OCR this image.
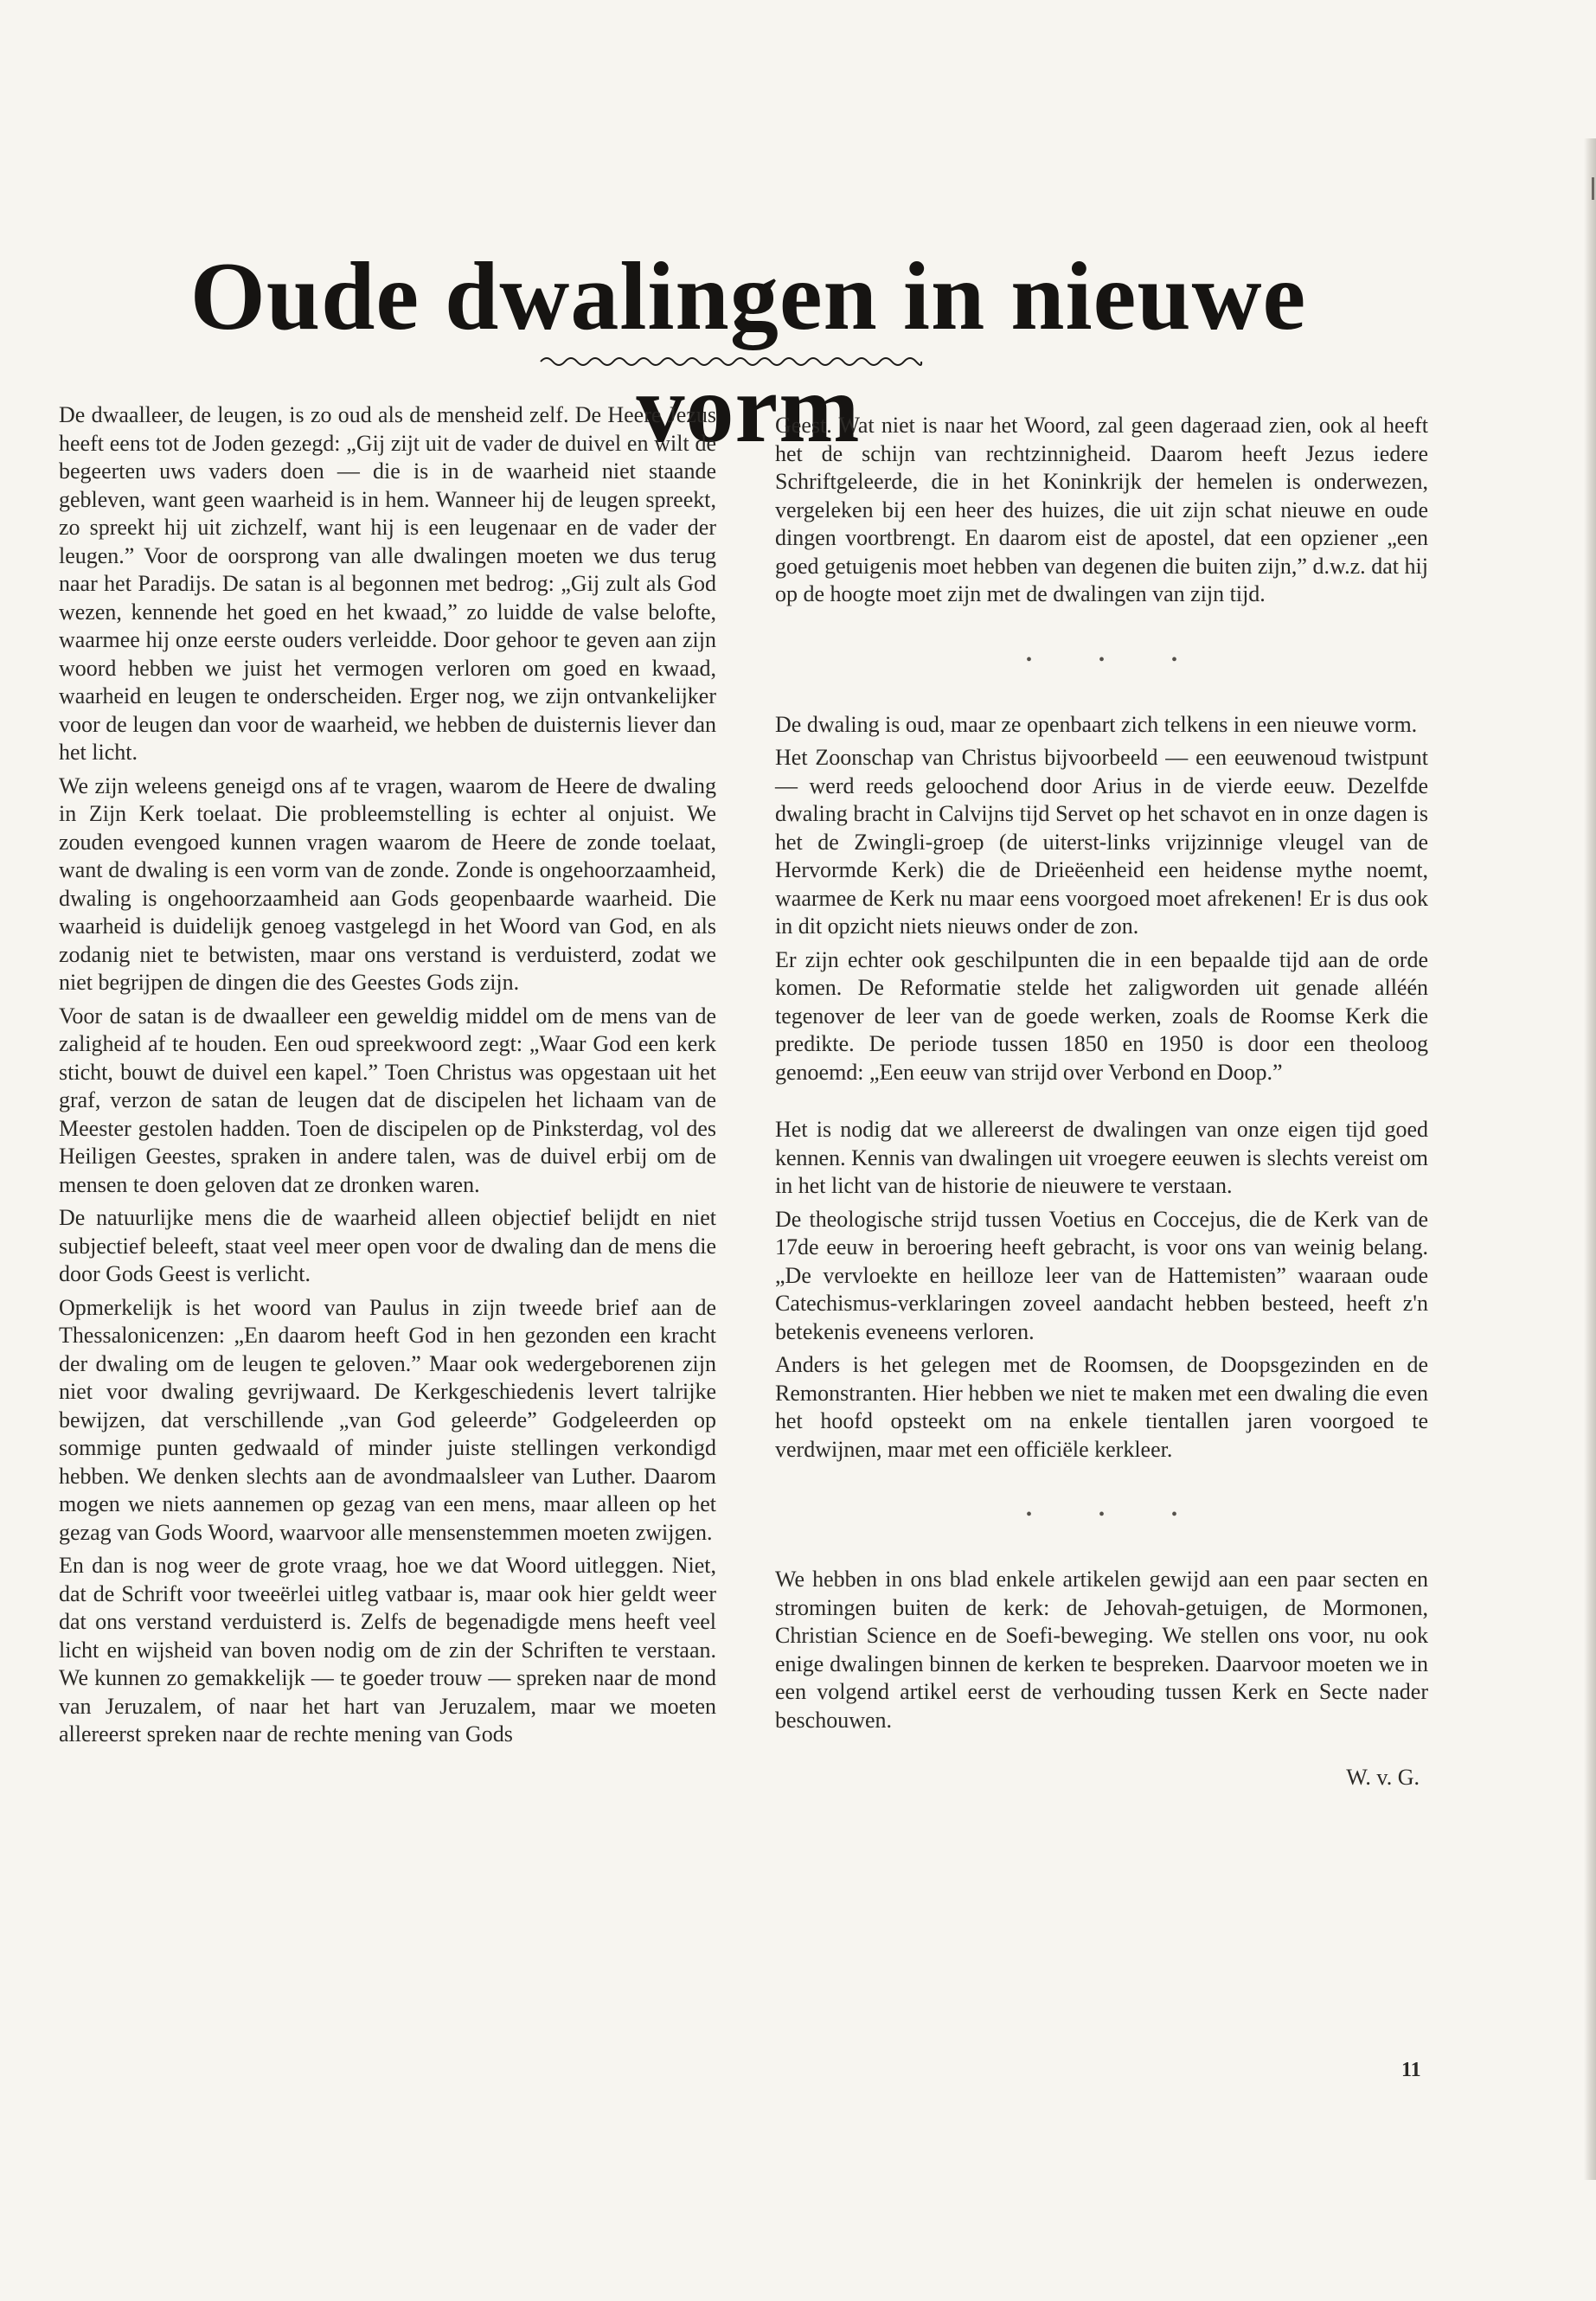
Oude dwalingen in nieuwe vorm

De dwaalleer, de leugen, is zo oud als de mensheid zelf. De Heere Jezus heeft eens tot de Joden gezegd: „Gij zijt uit de vader de duivel en wilt de begeerten uws vaders doen — die is in de waarheid niet staande gebleven, want geen waarheid is in hem. Wanneer hij de leugen spreekt, zo spreekt hij uit zichzelf, want hij is een leugenaar en de vader der leugen.” Voor de oorsprong van alle dwalingen moeten we dus terug naar het Paradijs. De satan is al begonnen met bedrog: „Gij zult als God wezen, kennende het goed en het kwaad,” zo luidde de valse belofte, waarmee hij onze eerste ouders verleidde. Door gehoor te geven aan zijn woord hebben we juist het vermogen verloren om goed en kwaad, waarheid en leugen te onderscheiden. Erger nog, we zijn ontvankelijker voor de leugen dan voor de waarheid, we hebben de duisternis liever dan het licht.

We zijn weleens geneigd ons af te vragen, waarom de Heere de dwaling in Zijn Kerk toelaat. Die probleemstelling is echter al onjuist. We zouden evengoed kunnen vragen waarom de Heere de zonde toelaat, want de dwaling is een vorm van de zonde. Zonde is ongehoorzaamheid, dwaling is ongehoorzaamheid aan Gods geopenbaarde waarheid. Die waarheid is duidelijk genoeg vastgelegd in het Woord van God, en als zodanig niet te betwisten, maar ons verstand is verduisterd, zodat we niet begrijpen de dingen die des Geestes Gods zijn.

Voor de satan is de dwaalleer een geweldig middel om de mens van de zaligheid af te houden. Een oud spreekwoord zegt: „Waar God een kerk sticht, bouwt de duivel een kapel.” Toen Christus was opgestaan uit het graf, verzon de satan de leugen dat de discipelen het lichaam van de Meester gestolen hadden. Toen de discipelen op de Pinksterdag, vol des Heiligen Geestes, spraken in andere talen, was de duivel erbij om de mensen te doen geloven dat ze dronken waren.

De natuurlijke mens die de waarheid alleen objectief belijdt en niet subjectief beleeft, staat veel meer open voor de dwaling dan de mens die door Gods Geest is verlicht.

Opmerkelijk is het woord van Paulus in zijn tweede brief aan de Thessalonicenzen: „En daarom heeft God in hen gezonden een kracht der dwaling om de leugen te geloven.” Maar ook wedergeborenen zijn niet voor dwaling gevrijwaard. De Kerkgeschiedenis levert talrijke bewijzen, dat verschillende „van God geleerde” Godgeleerden op sommige punten gedwaald of minder juiste stellingen verkondigd hebben. We denken slechts aan de avondmaalsleer van Luther. Daarom mogen we niets aannemen op gezag van een mens, maar alleen op het gezag van Gods Woord, waarvoor alle mensenstemmen moeten zwijgen.

En dan is nog weer de grote vraag, hoe we dat Woord uitleggen. Niet, dat de Schrift voor tweeërlei uitleg vatbaar is, maar ook hier geldt weer dat ons verstand verduisterd is. Zelfs de begenadigde mens heeft veel licht en wijsheid van boven nodig om de zin der Schriften te verstaan. We kunnen zo gemakkelijk — te goeder trouw — spreken naar de mond van Jeruzalem, of naar het hart van Jeruzalem, maar we moeten allereerst spreken naar de rechte mening van Gods

Geest. Wat niet is naar het Woord, zal geen dageraad zien, ook al heeft het de schijn van rechtzinnigheid. Daarom heeft Jezus iedere Schriftgeleerde, die in het Koninkrijk der hemelen is onderwezen, vergeleken bij een heer des huizes, die uit zijn schat nieuwe en oude dingen voortbrengt. En daarom eist de apostel, dat een opziener „een goed getuigenis moet hebben van degenen die buiten zijn,” d.w.z. dat hij op de hoogte moet zijn met de dwalingen van zijn tijd.

• • •

De dwaling is oud, maar ze openbaart zich telkens in een nieuwe vorm.

Het Zoonschap van Christus bijvoorbeeld — een eeuwenoud twistpunt — werd reeds geloochend door Arius in de vierde eeuw. Dezelfde dwaling bracht in Calvijns tijd Servet op het schavot en in onze dagen is het de Zwingli-groep (de uiterst-links vrijzinnige vleugel van de Hervormde Kerk) die de Drieëenheid een heidense mythe noemt, waarmee de Kerk nu maar eens voorgoed moet afrekenen! Er is dus ook in dit opzicht niets nieuws onder de zon.

Er zijn echter ook geschilpunten die in een bepaalde tijd aan de orde komen. De Reformatie stelde het zaligworden uit genade alléén tegenover de leer van de goede werken, zoals de Roomse Kerk die predikte. De periode tussen 1850 en 1950 is door een theoloog genoemd: „Een eeuw van strijd over Verbond en Doop.”

Het is nodig dat we allereerst de dwalingen van onze eigen tijd goed kennen. Kennis van dwalingen uit vroegere eeuwen is slechts vereist om in het licht van de historie de nieuwere te verstaan.

De theologische strijd tussen Voetius en Coccejus, die de Kerk van de 17de eeuw in beroering heeft gebracht, is voor ons van weinig belang. „De vervloekte en heilloze leer van de Hattemisten” waaraan oude Catechismus-verklaringen zoveel aandacht hebben besteed, heeft z'n betekenis eveneens verloren.

Anders is het gelegen met de Roomsen, de Doopsgezinden en de Remonstranten. Hier hebben we niet te maken met een dwaling die even het hoofd opsteekt om na enkele tientallen jaren voorgoed te verdwijnen, maar met een officiële kerkleer.

• • •

We hebben in ons blad enkele artikelen gewijd aan een paar secten en stromingen buiten de kerk: de Jehovah-getuigen, de Mormonen, Christian Science en de Soefi-beweging. We stellen ons voor, nu ook enige dwalingen binnen de kerken te bespreken. Daarvoor moeten we in een volgend artikel eerst de verhouding tussen Kerk en Secte nader beschouwen.

W. v. G.
11
